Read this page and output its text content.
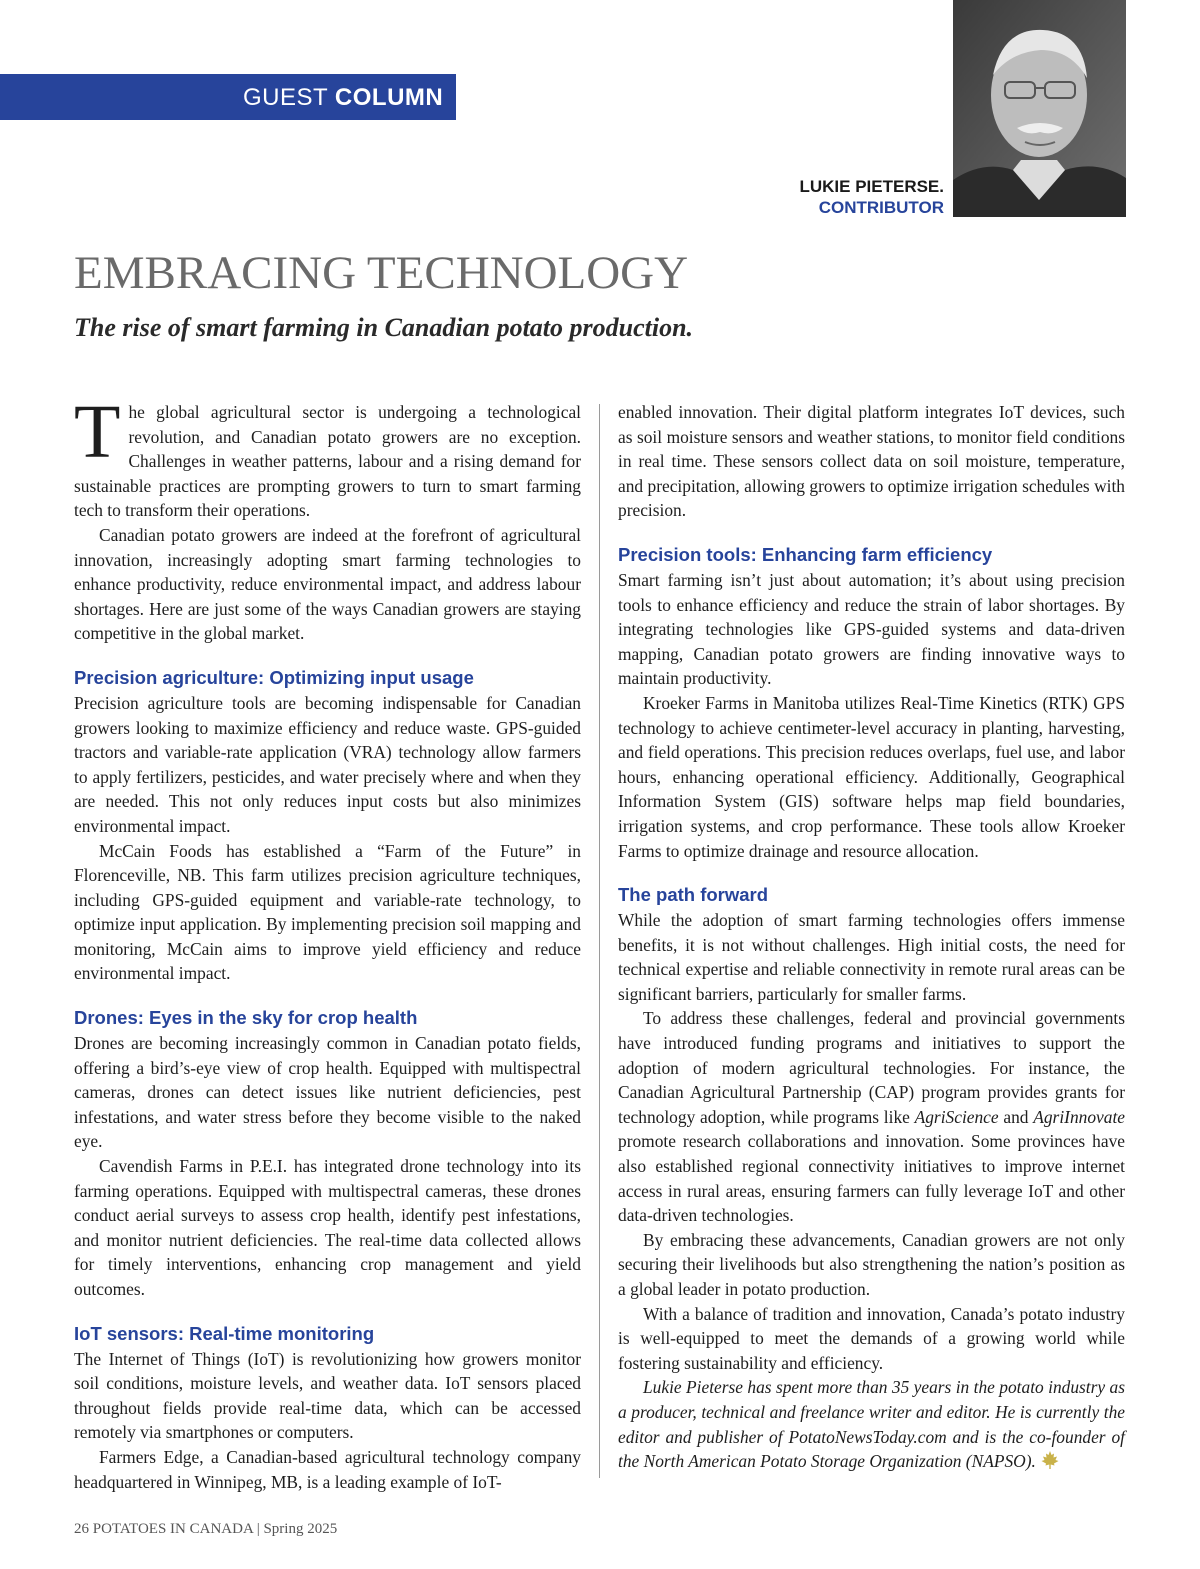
GUEST COLUMN
LUKIE PIETERSE.
CONTRIBUTOR
EMBRACING TECHNOLOGY
The rise of smart farming in Canadian potato production.

The global agricultural sector is undergoing a technological revolution, and Canadian potato growers are no exception. Challenges in weather patterns, labour and a rising demand for sustainable practices are prompting growers to turn to smart farming tech to transform their operations.

Canadian potato growers are indeed at the forefront of agricultural innovation, increasingly adopting smart farming technologies to enhance productivity, reduce environmental impact, and address labour shortages. Here are just some of the ways Canadian growers are staying competitive in the global market.

Precision agriculture: Optimizing input usage

Precision agriculture tools are becoming indispensable for Canadian growers looking to maximize efficiency and reduce waste. GPS-guided tractors and variable-rate application (VRA) technology allow farmers to apply fertilizers, pesticides, and water precisely where and when they are needed. This not only reduces input costs but also minimizes environmental impact.

McCain Foods has established a “Farm of the Future” in Florenceville, NB. This farm utilizes precision agriculture techniques, including GPS-guided equipment and variable-rate technology, to optimize input application. By implementing precision soil mapping and monitoring, McCain aims to improve yield efficiency and reduce environmental impact.

Drones: Eyes in the sky for crop health

Drones are becoming increasingly common in Canadian potato fields, offering a bird’s-eye view of crop health. Equipped with multispectral cameras, drones can detect issues like nutrient deficiencies, pest infestations, and water stress before they become visible to the naked eye.

Cavendish Farms in P.E.I. has integrated drone technology into its farming operations. Equipped with multispectral cameras, these drones conduct aerial surveys to assess crop health, identify pest infestations, and monitor nutrient deficiencies. The real-time data collected allows for timely interventions, enhancing crop management and yield outcomes.

IoT sensors: Real-time monitoring

The Internet of Things (IoT) is revolutionizing how growers monitor soil conditions, moisture levels, and weather data. IoT sensors placed throughout fields provide real-time data, which can be accessed remotely via smartphones or computers.

Farmers Edge, a Canadian-based agricultural technology company headquartered in Winnipeg, MB, is a leading example of IoT-

enabled innovation. Their digital platform integrates IoT devices, such as soil moisture sensors and weather stations, to monitor field conditions in real time. These sensors collect data on soil moisture, temperature, and precipitation, allowing growers to optimize irrigation schedules with precision.

Precision tools: Enhancing farm efficiency

Smart farming isn’t just about automation; it’s about using precision tools to enhance efficiency and reduce the strain of labor shortages. By integrating technologies like GPS-guided systems and data-driven mapping, Canadian potato growers are finding innovative ways to maintain productivity.

Kroeker Farms in Manitoba utilizes Real-Time Kinetics (RTK) GPS technology to achieve centimeter-level accuracy in planting, harvesting, and field operations. This precision reduces overlaps, fuel use, and labor hours, enhancing operational efficiency. Additionally, Geographical Information System (GIS) software helps map field boundaries, irrigation systems, and crop performance. These tools allow Kroeker Farms to optimize drainage and resource allocation.

The path forward

While the adoption of smart farming technologies offers immense benefits, it is not without challenges. High initial costs, the need for technical expertise and reliable connectivity in remote rural areas can be significant barriers, particularly for smaller farms.

To address these challenges, federal and provincial governments have introduced funding programs and initiatives to support the adoption of modern agricultural technologies. For instance, the Canadian Agricultural Partnership (CAP) program provides grants for technology adoption, while programs like AgriScience and AgriInnovate promote research collaborations and innovation. Some provinces have also established regional connectivity initiatives to improve internet access in rural areas, ensuring farmers can fully leverage IoT and other data-driven technologies.

By embracing these advancements, Canadian growers are not only securing their livelihoods but also strengthening the nation’s position as a global leader in potato production.

With a balance of tradition and innovation, Canada’s potato industry is well-equipped to meet the demands of a growing world while fostering sustainability and efficiency.

Lukie Pieterse has spent more than 35 years in the potato industry as a producer, technical and freelance writer and editor. He is currently the editor and publisher of PotatoNewsToday.com and is the co-founder of the North American Potato Storage Organization (NAPSO).

26 POTATOES IN CANADA | Spring 2025
